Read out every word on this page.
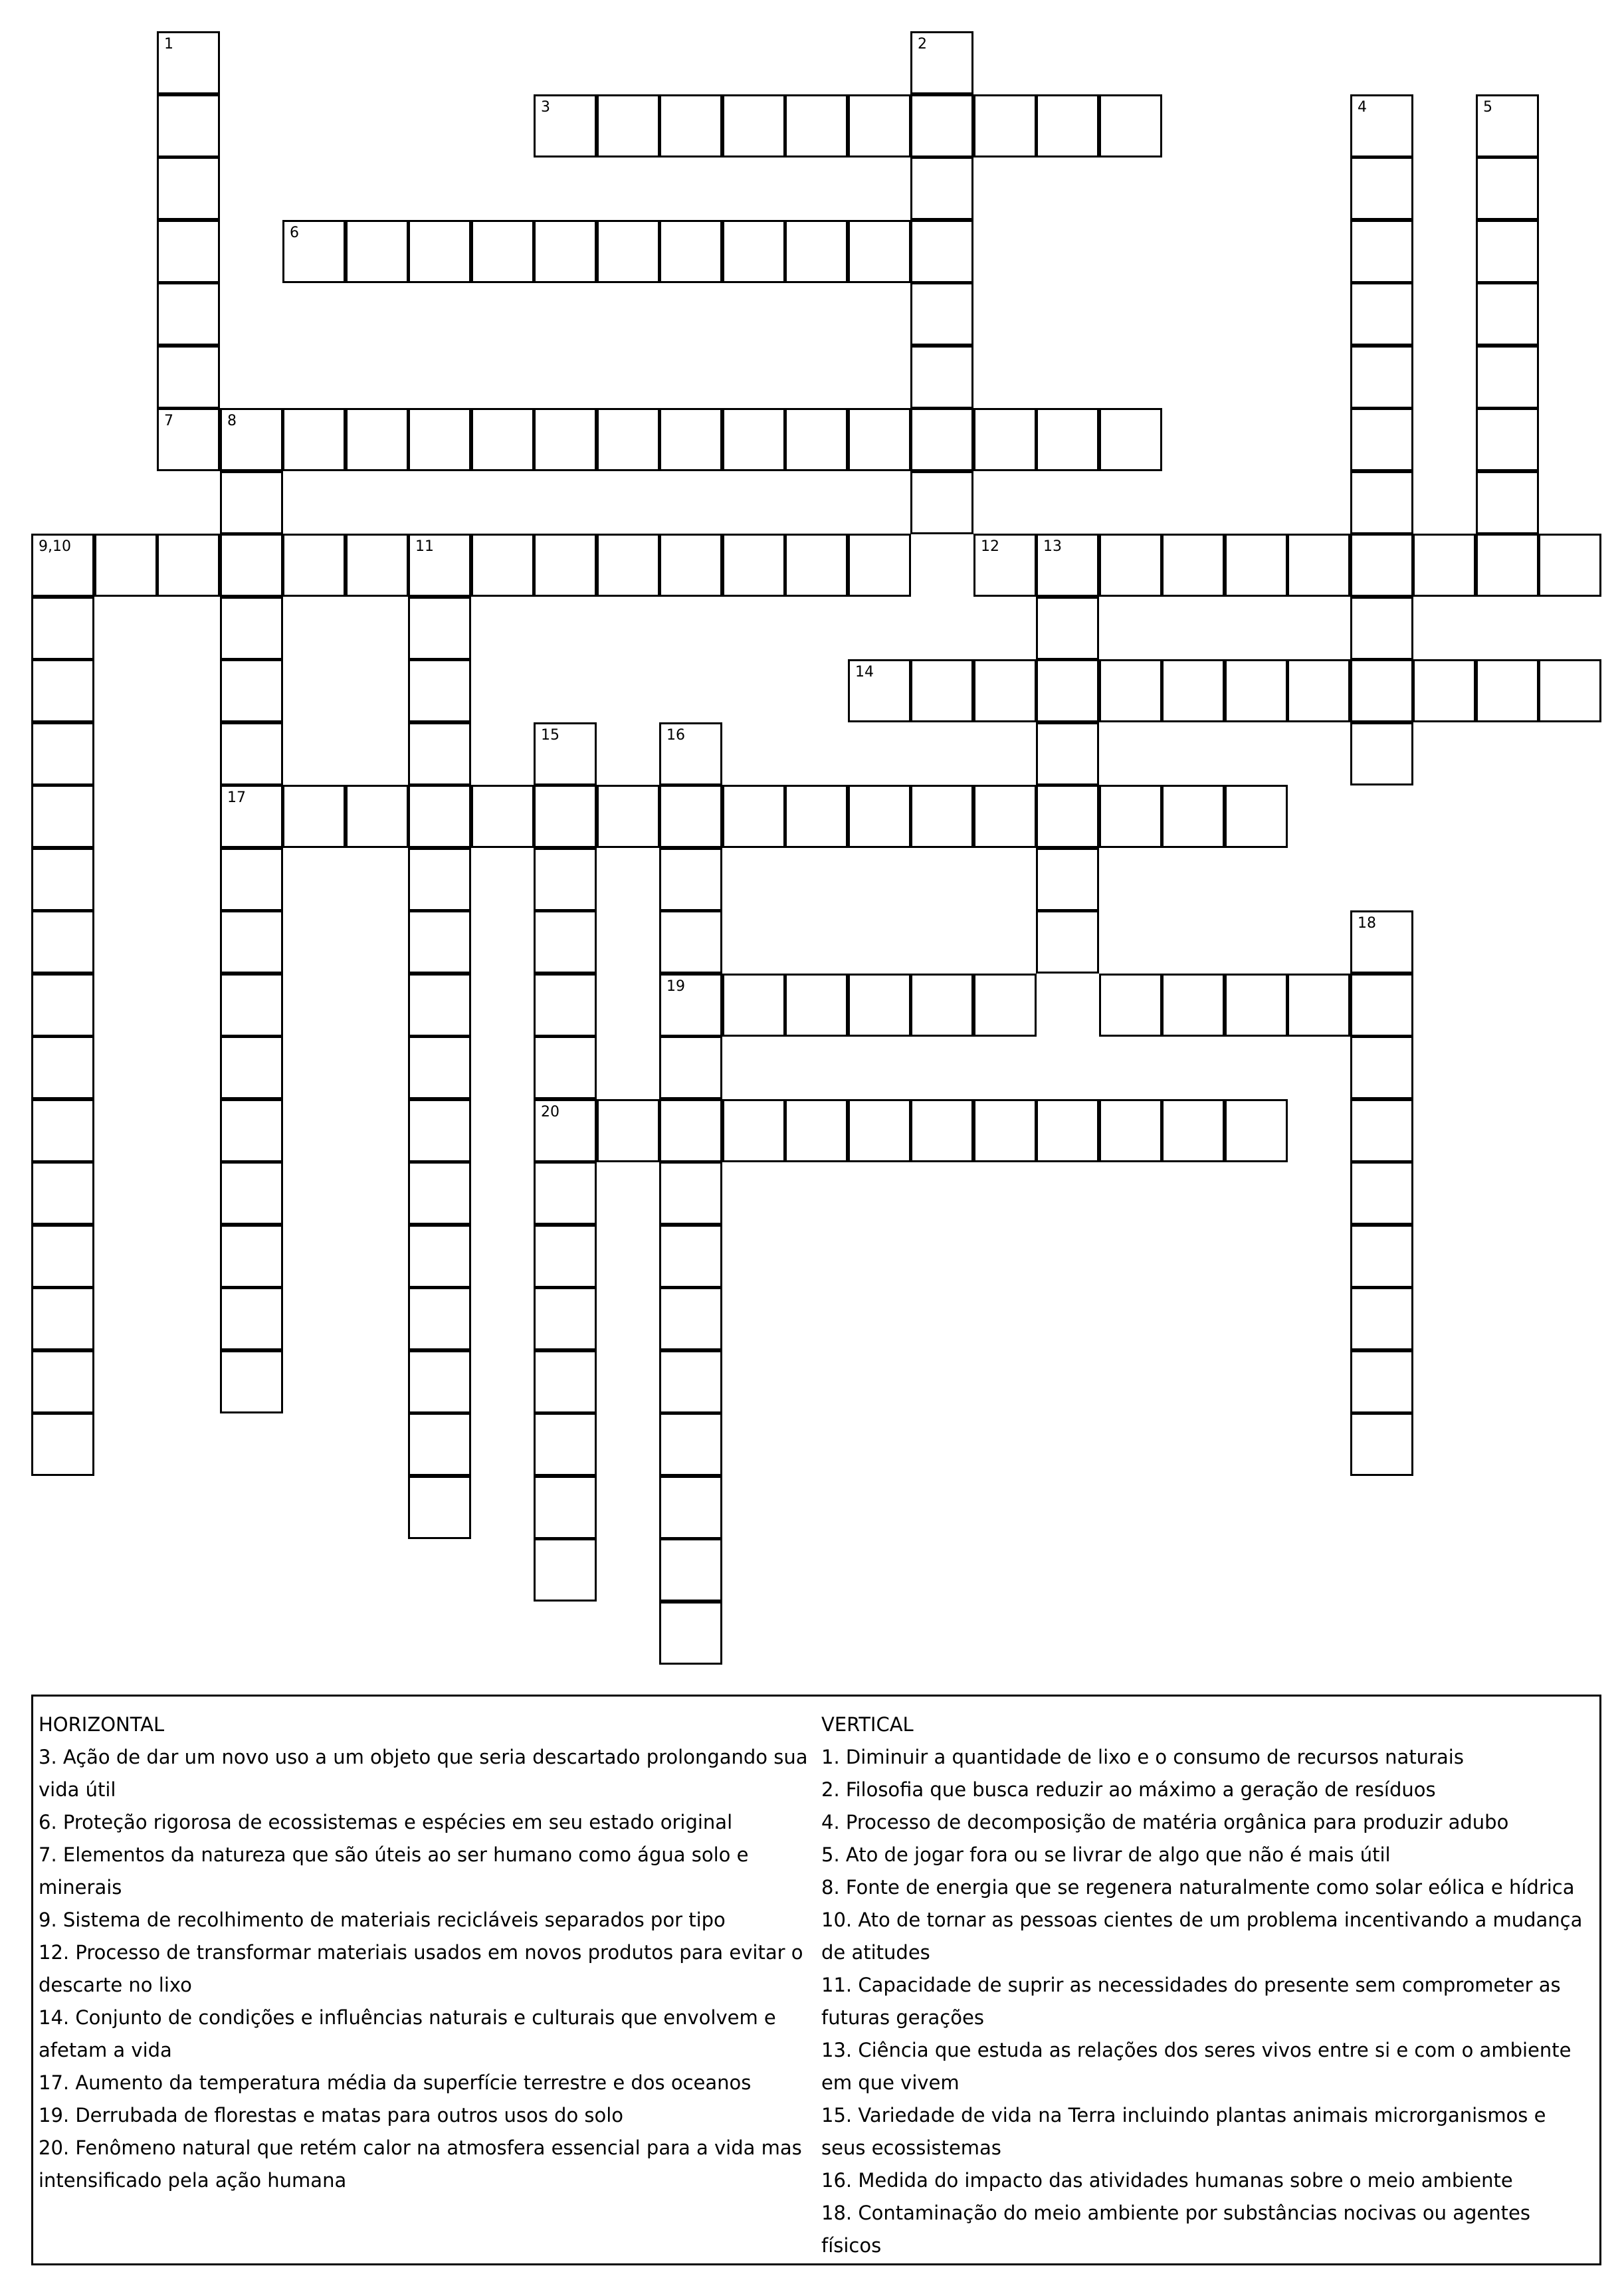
1
7
2
3	4	5
6
8
17
9,10	11	12	13
14
15
20
16
19
18
HORIZONTAL
3. Ação de dar um novo uso a um objeto que seria descartado prolongando sua vida útil
6. Proteção rigorosa de ecossistemas e espécies em seu estado original
7. Elementos da natureza que são úteis ao ser humano como água solo e minerais
9. Sistema de recolhimento de materiais recicláveis separados por tipo
12. Processo de transformar materiais usados em novos produtos para evitar o descarte no lixo
14. Conjunto de condições e influências naturais e culturais que envolvem e afetam a vida
17. Aumento da temperatura média da superfície terrestre e dos oceanos
19. Derrubada de florestas e matas para outros usos do solo
20. Fenômeno natural que retém calor na atmosfera essencial para a vida mas intensificado pela ação humana
VERTICAL
1. Diminuir a quantidade de lixo e o consumo de recursos naturais
2. Filosofia que busca reduzir ao máximo a geração de resíduos
4. Processo de decomposição de matéria orgânica para produzir adubo
5. Ato de jogar fora ou se livrar de algo que não é mais útil
8. Fonte de energia que se regenera naturalmente como solar eólica e hídrica
10. Ato de tornar as pessoas cientes de um problema incentivando a mudança de atitudes
11. Capacidade de suprir as necessidades do presente sem comprometer as futuras gerações
13. Ciência que estuda as relações dos seres vivos entre si e com o ambiente em que vivem
15. Variedade de vida na Terra incluindo plantas animais microrganismos e seus ecossistemas
16. Medida do impacto das atividades humanas sobre o meio ambiente
18. Contaminação do meio ambiente por substâncias nocivas ou agentes físicos
